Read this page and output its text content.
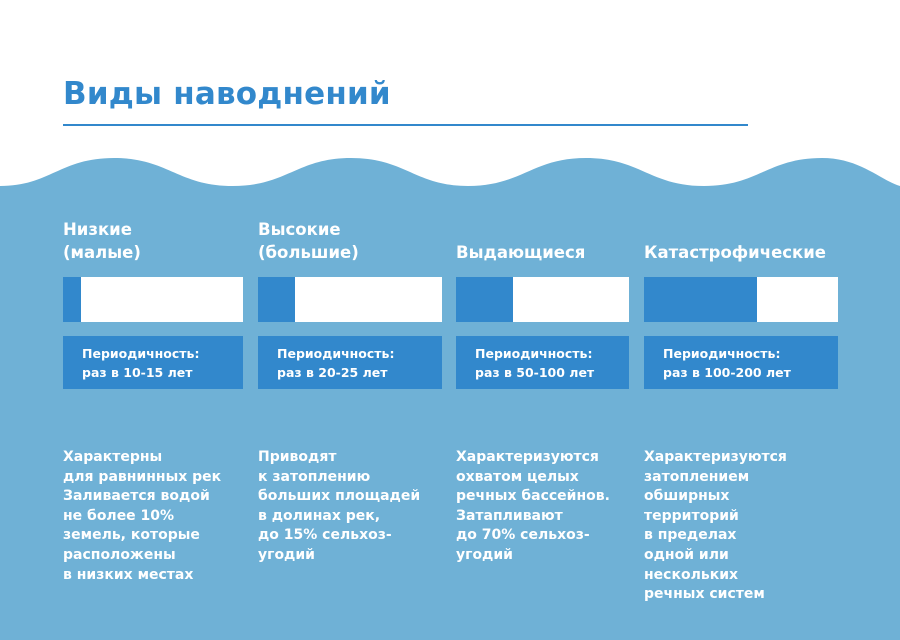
Виды наводнений
Низкие
(малые)
Периодичность:
раз в 10-15 лет
Характерны
для равнинных рек
Заливается водой
не более 10%
земель, которые
расположены
в низких местах
Высокие
(большие)
Периодичность:
раз в 20-25 лет
Приводят
к затоплению
больших площадей
в долинах рек,
до 15% сельхоз-
угодий
Выдающиеся
Периодичность:
раз в 50-100 лет
Характеризуются
охватом целых
речных бассейнов.
Затапливают
до 70% сельхоз-
угодий
Катастрофические
Периодичность:
раз в 100-200 лет
Характеризуются
затоплением
обширных
территорий
в пределах
одной или
нескольких
речных систем
